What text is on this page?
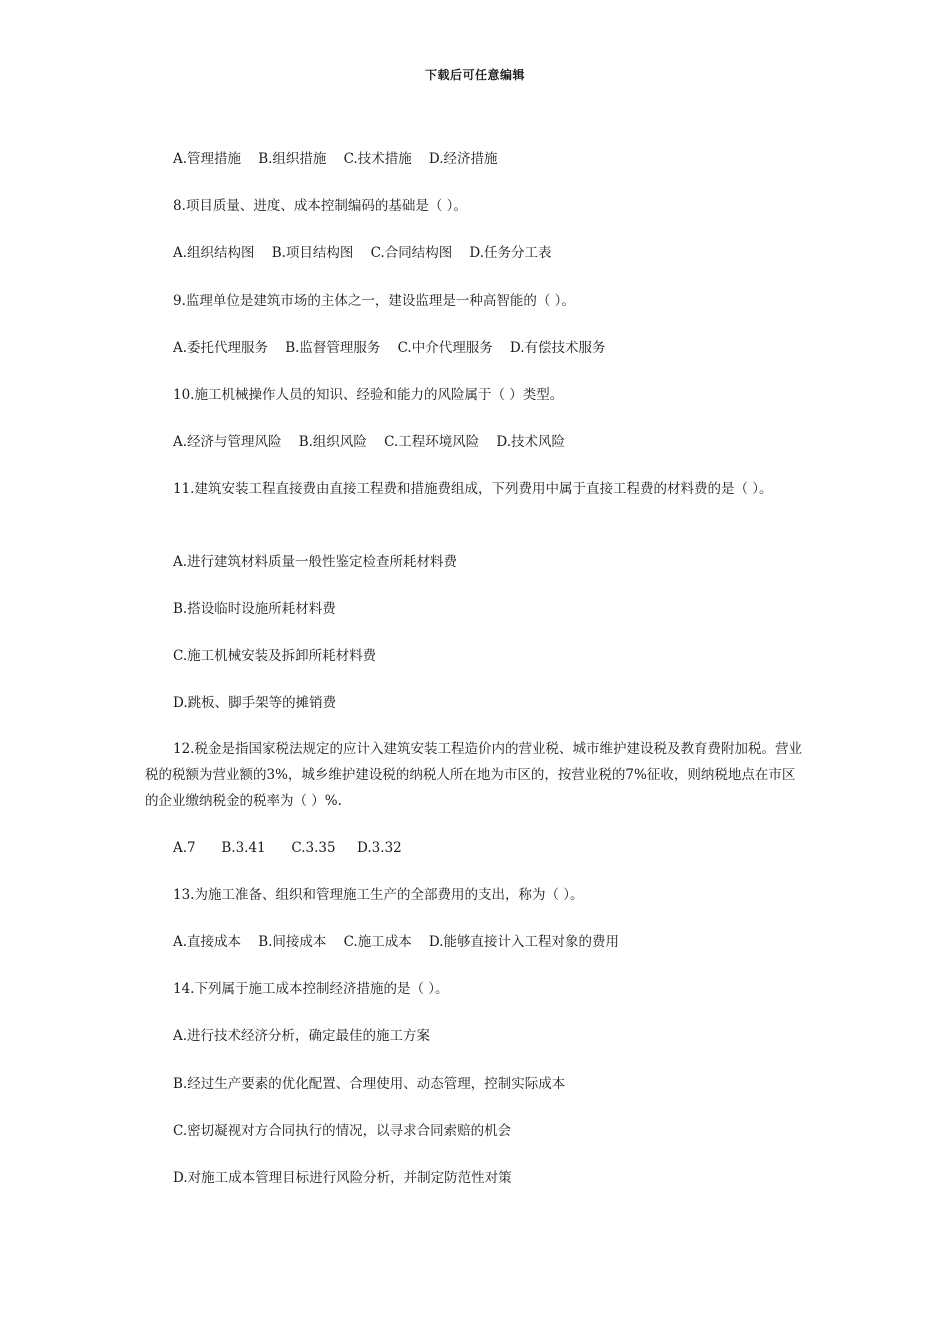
下载后可任意编辑
A.管理措施    B.组织措施    C.技术措施    D.经济措施
8.项目质量、进度、成本控制编码的基础是（ ）。
A.组织结构图    B.项目结构图    C.合同结构图    D.任务分工表
9.监理单位是建筑市场的主体之一，建设监理是一种高智能的（ ）。
A.委托代理服务    B.监督管理服务    C.中介代理服务    D.有偿技术服务
10.施工机械操作人员的知识、经验和能力的风险属于（ ）类型。
A.经济与管理风险    B.组织风险    C.工程环境风险    D.技术风险
11.建筑安装工程直接费由直接工程费和措施费组成，下列费用中属于直接工程费的材料费的是（ ）。
A.进行建筑材料质量一般性鉴定检查所耗材料费
B.搭设临时设施所耗材料费
C.施工机械安装及拆卸所耗材料费
D.跳板、脚手架等的摊销费
12.税金是指国家税法规定的应计入建筑安装工程造价内的营业税、城市维护建设税及教育费附加税。营业税的税额为营业额的3%，城乡维护建设税的纳税人所在地为市区的，按营业税的7%征收，则纳税地点在市区的企业缴纳税金的税率为（ ）%.
A.7      B.3.41      C.3.35     D.3.32
13.为施工准备、组织和管理施工生产的全部费用的支出，称为（ ）。
A.直接成本    B.间接成本    C.施工成本    D.能够直接计入工程对象的费用
14.下列属于施工成本控制经济措施的是（ ）。
A.进行技术经济分析，确定最佳的施工方案
B.经过生产要素的优化配置、合理使用、动态管理，控制实际成本
C.密切凝视对方合同执行的情况，以寻求合同索赔的机会
D.对施工成本管理目标进行风险分析，并制定防范性对策
